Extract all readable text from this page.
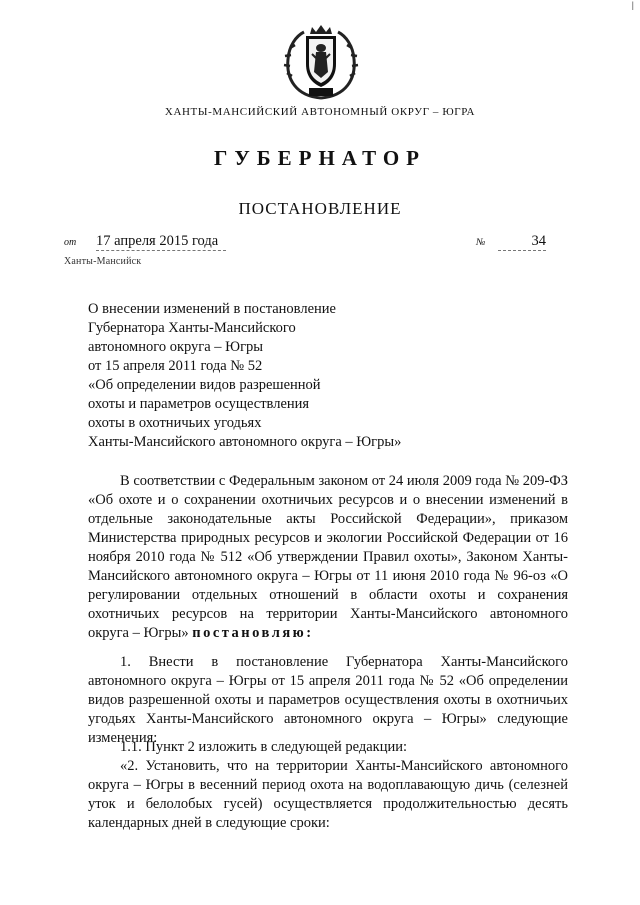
|
ХАНТЫ-МАНСИЙСКИЙ АВТОНОМНЫЙ ОКРУГ – ЮГРА
ГУБЕРНАТОР
ПОСТАНОВЛЕНИЕ
от 17 апреля 2015 года	№	34
Ханты-Мансийск
О внесении изменений в постановление
Губернатора Ханты-Мансийского
автономного округа – Югры
от 15 апреля 2011 года № 52
«Об определении видов разрешенной
охоты и параметров осуществления
охоты в охотничьих угодьях
Ханты-Мансийского автономного округа – Югры»
В соответствии с Федеральным законом от 24 июля 2009 года № 209-ФЗ «Об охоте и о сохранении охотничьих ресурсов и о внесении изменений в отдельные законодательные акты Российской Федерации», приказом Министерства природных ресурсов и экологии Российской Федерации от 16 ноября 2010 года № 512 «Об утверждении Правил охоты», Законом Ханты-Мансийского автономного округа – Югры от 11 июня 2010 года № 96-оз «О регулировании отдельных отношений в области охоты и сохранения охотничьих ресурсов на территории Ханты-Мансийского автономного округа – Югры» постановляю:
1. Внести в постановление Губернатора Ханты-Мансийского автономного округа – Югры от 15 апреля 2011 года № 52 «Об определении видов разрешенной охоты и параметров осуществления охоты в охотничьих угодьях Ханты-Мансийского автономного округа – Югры» следующие изменения:
1.1. Пункт 2 изложить в следующей редакции:
«2. Установить, что на территории Ханты-Мансийского автономного округа – Югры в весенний период охота на водоплавающую дичь (селезней уток и белолобых гусей) осуществляется продолжительностью десять календарных дней в следующие сроки:
